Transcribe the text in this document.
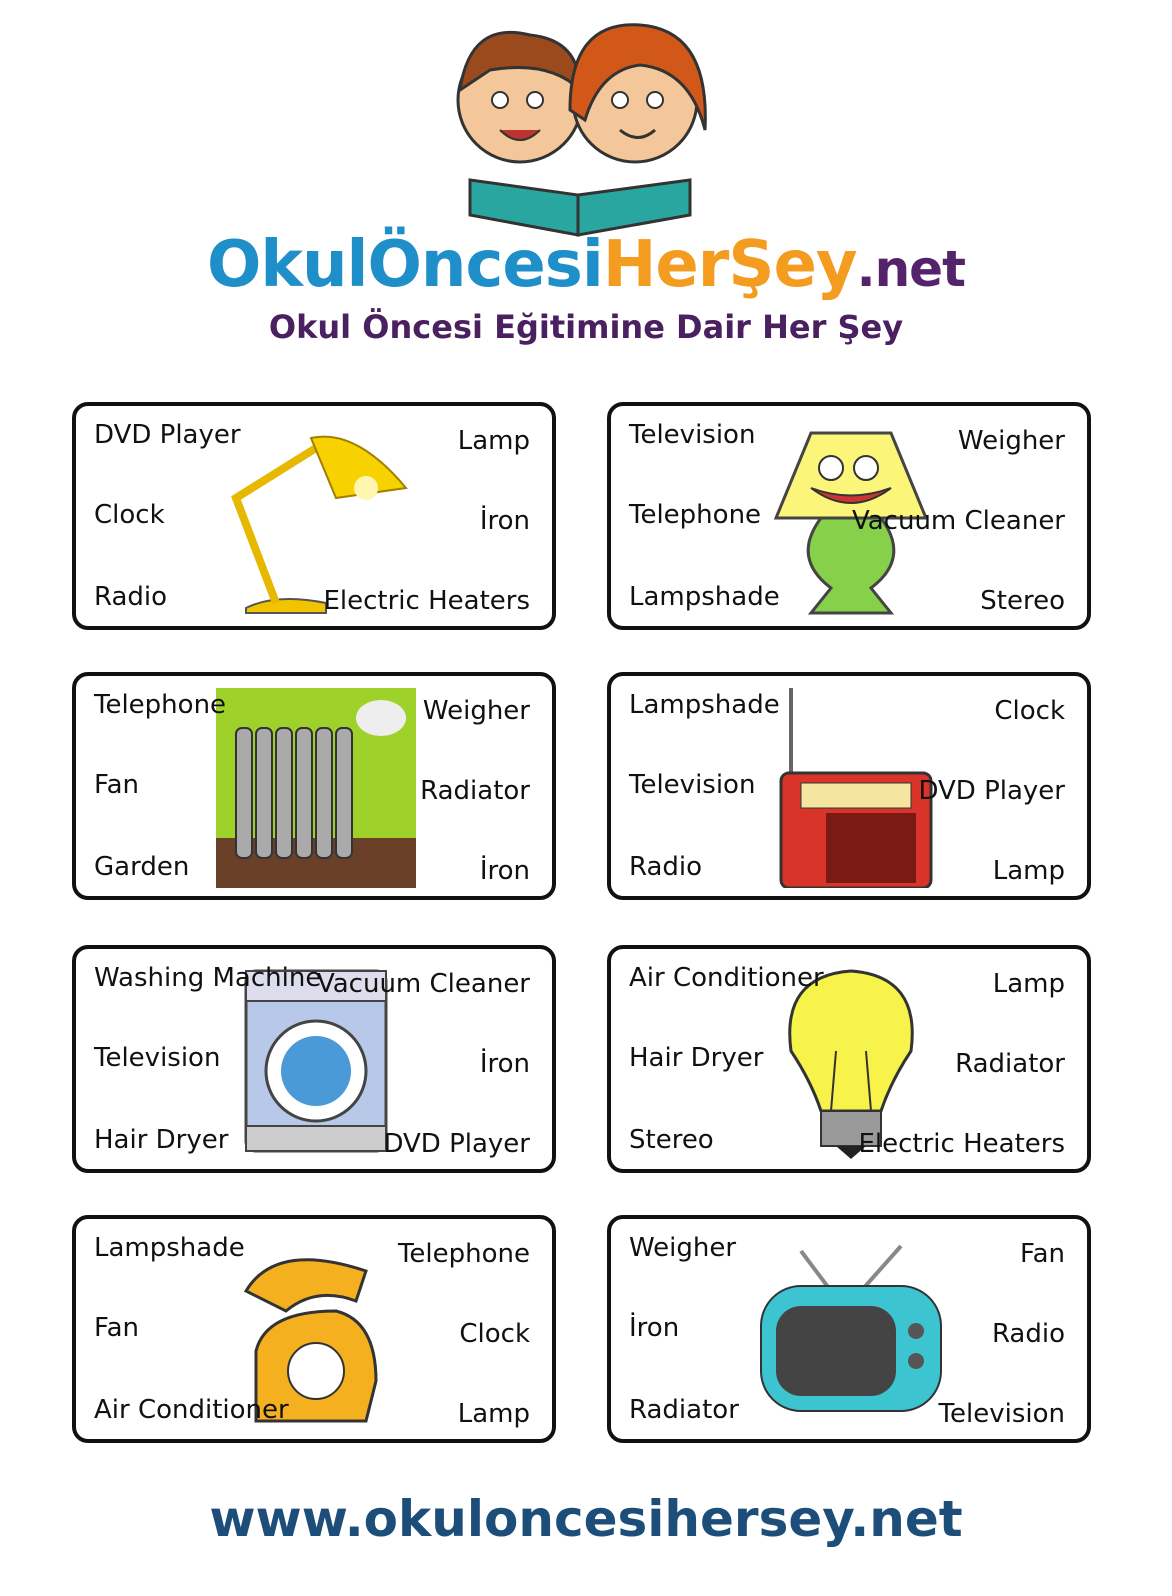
OkulÖncesiHerŞey.net
Okul Öncesi Eğitimine Dair Her Şey
DVD Player
Clock
Radio
Lamp
İron
Electric Heaters
Television
Telephone
Lampshade
Weigher
Vacuum Cleaner
Stereo
Telephone
Fan
Garden
Weigher
Radiator
İron
Lampshade
Television
Radio
Clock
DVD Player
Lamp
Washing Machine
Television
Hair Dryer
Vacuum Cleaner
İron
DVD Player
Air Conditioner
Hair Dryer
Stereo
Lamp
Radiator
Electric Heaters
Lampshade
Fan
Air Conditioner
Telephone
Clock
Lamp
Weigher
İron
Radiator
Fan
Radio
Television
www.okuloncesihersey.net
